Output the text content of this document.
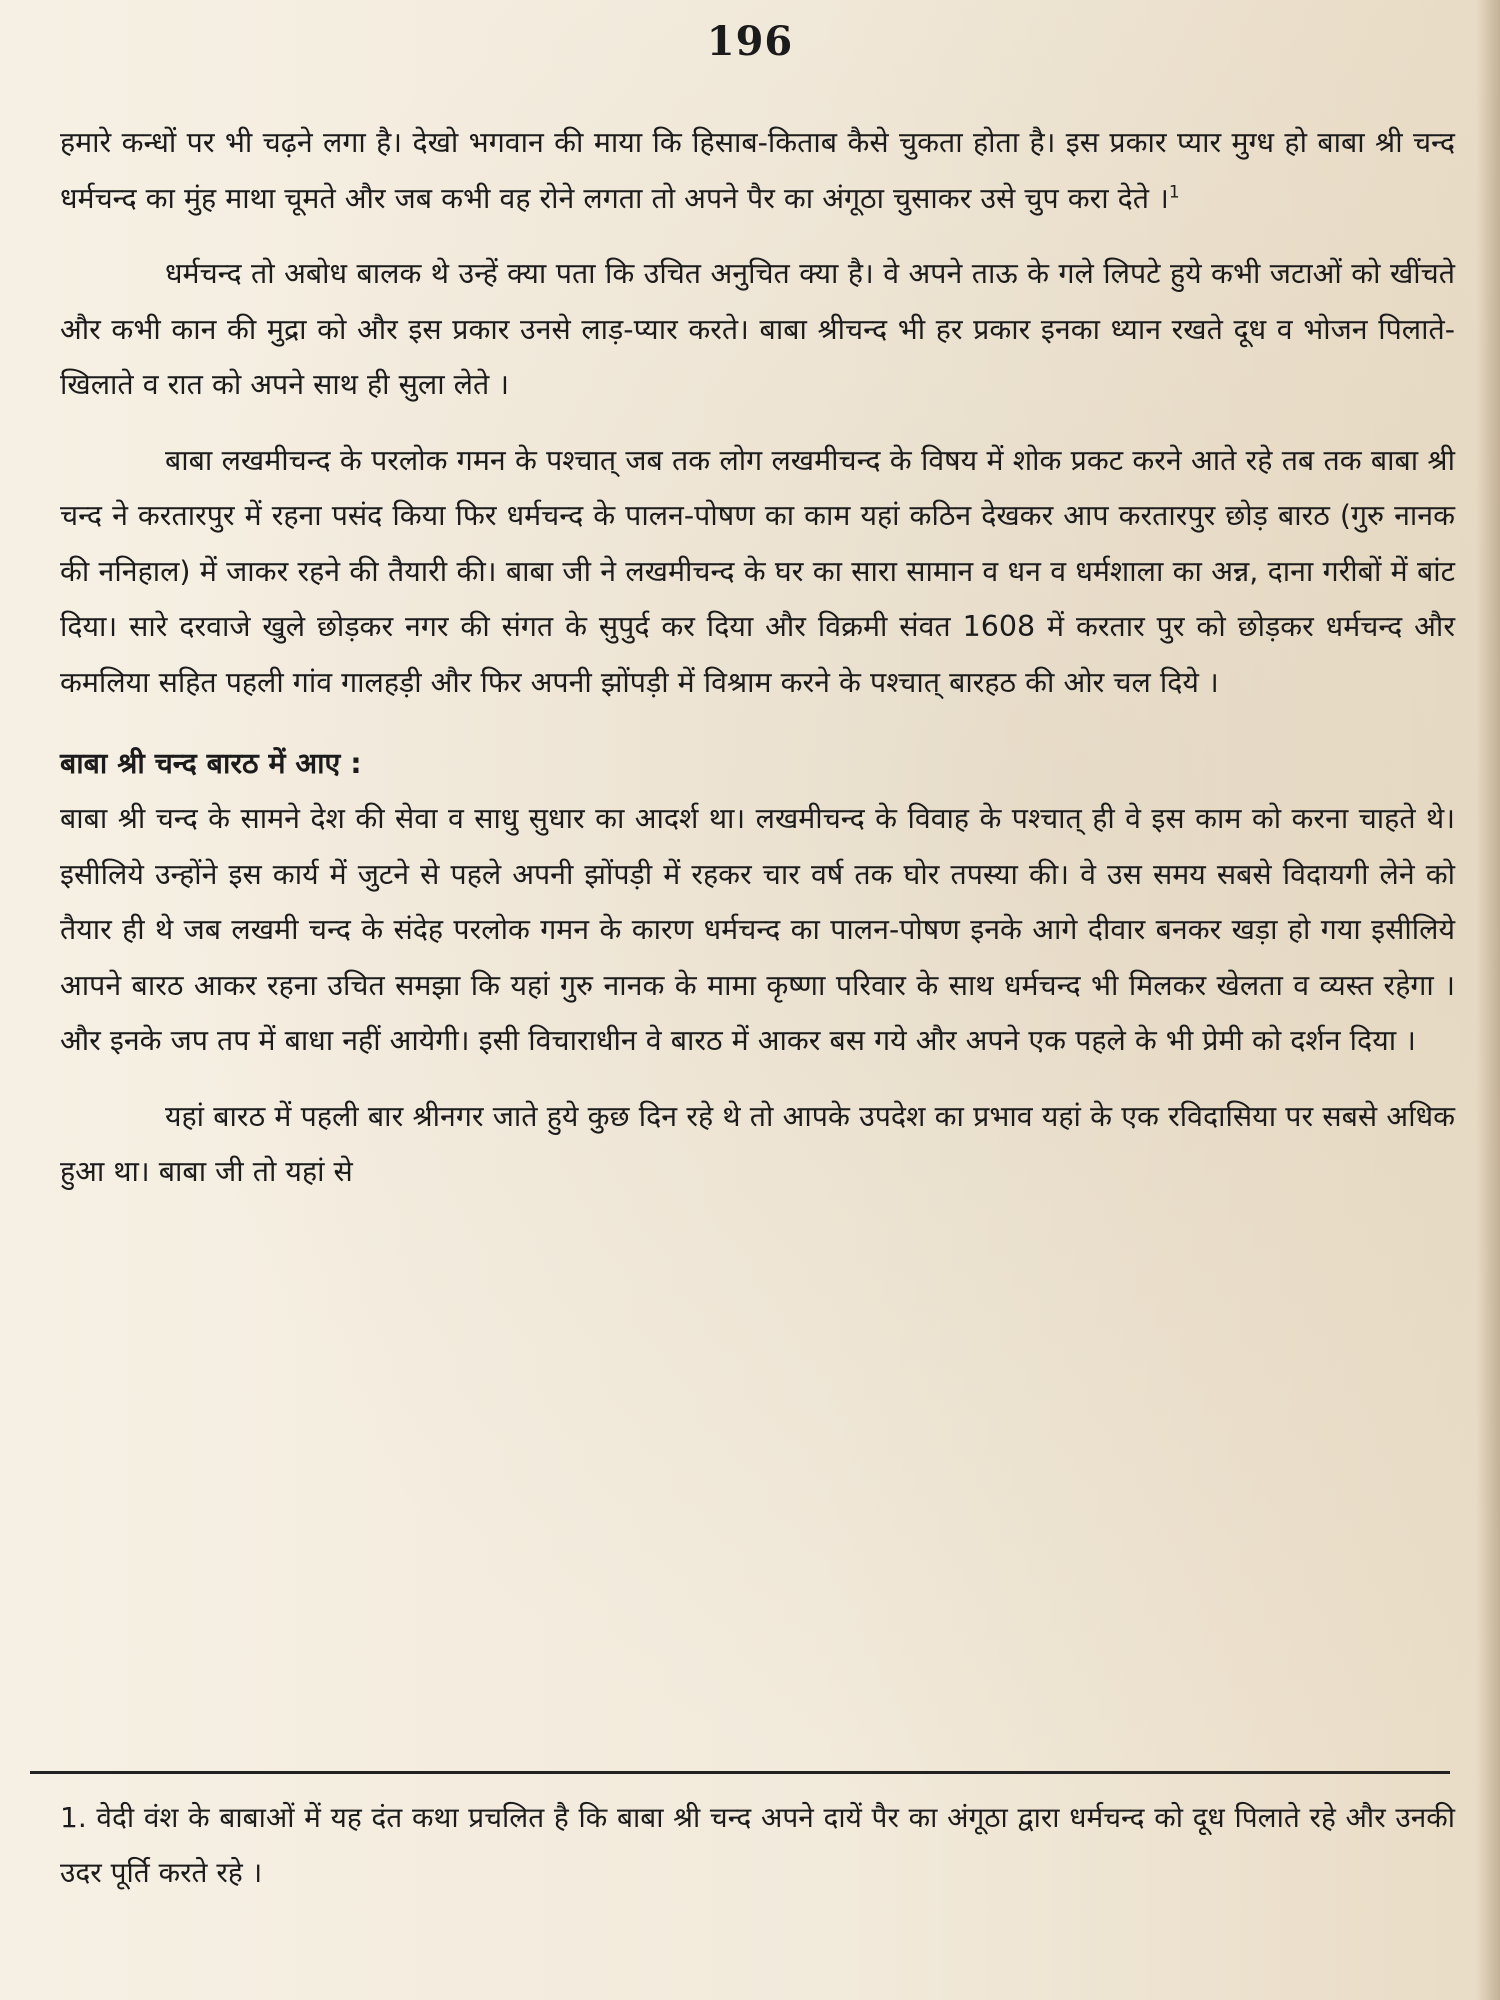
196

हमारे कन्धों पर भी चढ़ने लगा है। देखो भगवान की माया कि हिसाब-किताब कैसे चुकता होता है। इस प्रकार प्यार मुग्ध हो बाबा श्री चन्द धर्मचन्द का मुंह माथा चूमते और जब कभी वह रोने लगता तो अपने पैर का अंगूठा चुसाकर उसे चुप करा देते ।$^1$

धर्मचन्द तो अबोध बालक थे उन्हें क्या पता कि उचित अनुचित क्या है। वे अपने ताऊ के गले लिपटे हुये कभी जटाओं को खींचते और कभी कान की मुद्रा को और इस प्रकार उनसे लाड़-प्यार करते। बाबा श्रीचन्द भी हर प्रकार इनका ध्यान रखते दूध व भोजन पिलाते-खिलाते व रात को अपने साथ ही सुला लेते ।

बाबा लखमीचन्द के परलोक गमन के पश्चात् जब तक लोग लखमीचन्द के विषय में शोक प्रकट करने आते रहे तब तक बाबा श्री चन्द ने करतारपुर में रहना पसंद किया फिर धर्मचन्द के पालन-पोषण का काम यहां कठिन देखकर आप करतारपुर छोड़ बारठ (गुरु नानक की ननिहाल) में जाकर रहने की तैयारी की। बाबा जी ने लखमीचन्द के घर का सारा सामान व धन व धर्मशाला का अन्न, दाना गरीबों में बांट दिया। सारे दरवाजे खुले छोड़कर नगर की संगत के सुपुर्द कर दिया और विक्रमी संवत 1608 में करतार पुर को छोड़कर धर्मचन्द और कमलिया सहित पहली गांव गालहड़ी और फिर अपनी झोंपड़ी में विश्राम करने के पश्चात् बारहठ की ओर चल दिये ।

बाबा श्री चन्द बारठ में आए :

बाबा श्री चन्द के सामने देश की सेवा व साधु सुधार का आदर्श था। लखमीचन्द के विवाह के पश्चात् ही वे इस काम को करना चाहते थे। इसीलिये उन्होंने इस कार्य में जुटने से पहले अपनी झोंपड़ी में रहकर चार वर्ष तक घोर तपस्या की। वे उस समय सबसे विदायगी लेने को तैयार ही थे जब लखमी चन्द के संदेह परलोक गमन के कारण धर्मचन्द का पालन-पोषण इनके आगे दीवार बनकर खड़ा हो गया इसीलिये आपने बारठ आकर रहना उचित समझा कि यहां गुरु नानक के मामा कृष्णा परिवार के साथ धर्मचन्द भी मिलकर खेलता व व्यस्त रहेगा । और इनके जप तप में बाधा नहीं आयेगी। इसी विचाराधीन वे बारठ में आकर बस गये और अपने एक पहले के भी प्रेमी को दर्शन दिया ।

यहां बारठ में पहली बार श्रीनगर जाते हुये कुछ दिन रहे थे तो आपके उपदेश का प्रभाव यहां के एक रविदासिया पर सबसे अधिक हुआ था। बाबा जी तो यहां से

1. वेदी वंश के बाबाओं में यह दंत कथा प्रचलित है कि बाबा श्री चन्द अपने दायें पैर का अंगूठा द्वारा धर्मचन्द को दूध पिलाते रहे और उनकी उदर पूर्ति करते रहे ।
